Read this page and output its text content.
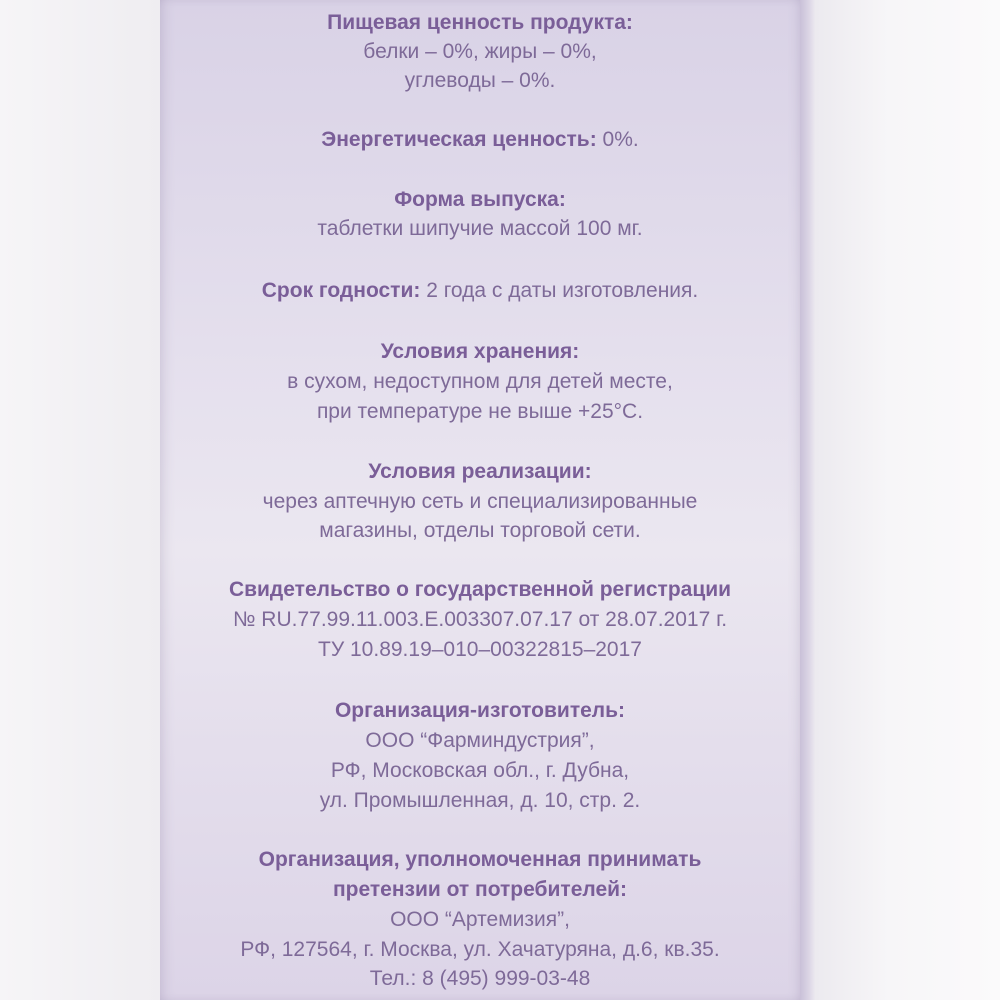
Пищевая ценность продукта:
белки – 0%, жиры – 0%,
углеводы – 0%.
Энергетическая ценность: 0%.
Форма выпуска:
таблетки шипучие массой 100 мг.
Срок годности: 2 года с даты изготовления.
Условия хранения:
в сухом, недоступном для детей месте,
при температуре не выше +25°С.
Условия реализации:
через аптечную сеть и специализированные
магазины, отделы торговой сети.
Свидетельство о государственной регистрации
№ RU.77.99.11.003.E.003307.07.17 от 28.07.2017 г.
ТУ 10.89.19–010–00322815–2017
Организация-изготовитель:
ООО “Фарминдустрия”,
РФ, Московская обл., г. Дубна,
ул. Промышленная, д. 10, стр. 2.
Организация, уполномоченная принимать
претензии от потребителей:
ООО “Артемизия”,
РФ, 127564, г. Москва, ул. Хачатуряна, д.6, кв.35.
Тел.: 8 (495) 999-03-48
